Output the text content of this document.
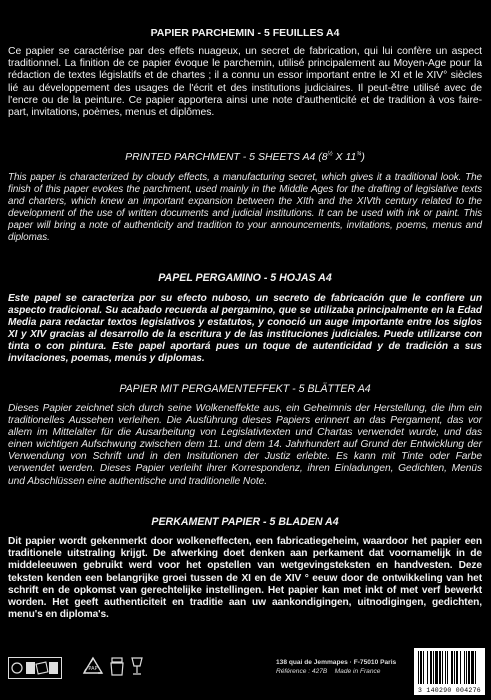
PAPIER PARCHEMIN - 5 FEUILLES A4

Ce papier se caractérise par des effets nuageux, un secret de fabrication, qui lui confère un aspect traditionnel. La finition de ce papier évoque le parchemin, utilisé principalement au Moyen-Age pour la rédaction de textes législatifs et de chartes ; il a connu un essor important entre le XI et le XIV° siècles lié au développement des usages de l'écrit et des institutions judiciaires. Il peut-être utilisé avec de l'encre ou de la peinture. Ce papier apportera ainsi une note d'authenticité et de tradition à vos faire-part, invitations, poèmes, menus et diplômes.

PRINTED PARCHMENT - 5 SHEETS A4 ($8^{\frac{1}{2}}$ X $11^{\frac{3}{4}}$)

This paper is characterized by cloudy effects, a manufacturing secret, which gives it a traditional look. The finish of this paper evokes the parchment, used mainly in the Middle Ages for the drafting of legislative texts and charters, which knew an important expansion between the XIth and the XIVth century related to the development of the use of written documents and judicial institutions. It can be used with ink or paint. This paper will bring a note of authenticity and tradition to your announcements, invitations, poems, menus and diplomas.

PAPEL PERGAMINO - 5 HOJAS A4

Este papel se caracteriza por su efecto nuboso, un secreto de fabricación que le confiere un aspecto tradicional. Su acabado recuerda al pergamino, que se utilizaba principalmente en la Edad Media para redactar textos legislativos y estatutos, y conoció un auge importante entre los siglos XI y XIV gracias al desarrollo de la escritura y de las instituciones judiciales. Puede utilizarse con tinta o con pintura. Este papel aportará pues un toque de autenticidad y de tradición a sus invitaciones, poemas, menús y diplomas.

PAPIER MIT PERGAMENTEFFEKT - 5 BLÄTTER A4

Dieses Papier zeichnet sich durch seine Wolkeneffekte aus, ein Geheimnis der Herstellung, die ihm ein traditionelles Aussehen verleihen. Die Ausführung dieses Papiers erinnert an das Pergament, das vor allem im Mittelalter für die Ausarbeitung von Legislativtexten und Chartas verwendet wurde, und das einen wichtigen Aufschwung zwischen dem 11. und dem 14. Jahrhundert auf Grund der Entwicklung der Verwendung von Schrift und in den Insitutionen der Justiz erlebte. Es kann mit Tinte oder Farbe verwendet werden. Dieses Papier verleiht ihrer Korrespondenz, ihren Einladungen, Gedichten, Menüs und Abschlüssen eine authentische und traditionelle Note.

PERKAMENT PAPIER - 5 BLADEN A4

Dit papier wordt gekenmerkt door wolkeneffecten, een fabricatiegeheim, waardoor het papier een traditionele uitstraling krijgt. De afwerking doet denken aan perkament dat voornamelijk in de middeleeuwen gebruikt werd voor het opstellen van wetgevingsteksten en handvesten. Deze teksten kenden een belangrijke groei tussen de XI en de XIV ° eeuw door de ontwikkeling van het schrift en de opkomst van gerechtelijke instellingen. Het papier kan met inkt of met verf bewerkt worden. Het geeft authenticiteit en traditie aan uw aankondigingen, uitnodigingen, gedichten, menu's en diploma's.

PAP
138 quai de Jemmapes · F-75010 Paris
Référence : 427B Made in France
3 140290 004276
